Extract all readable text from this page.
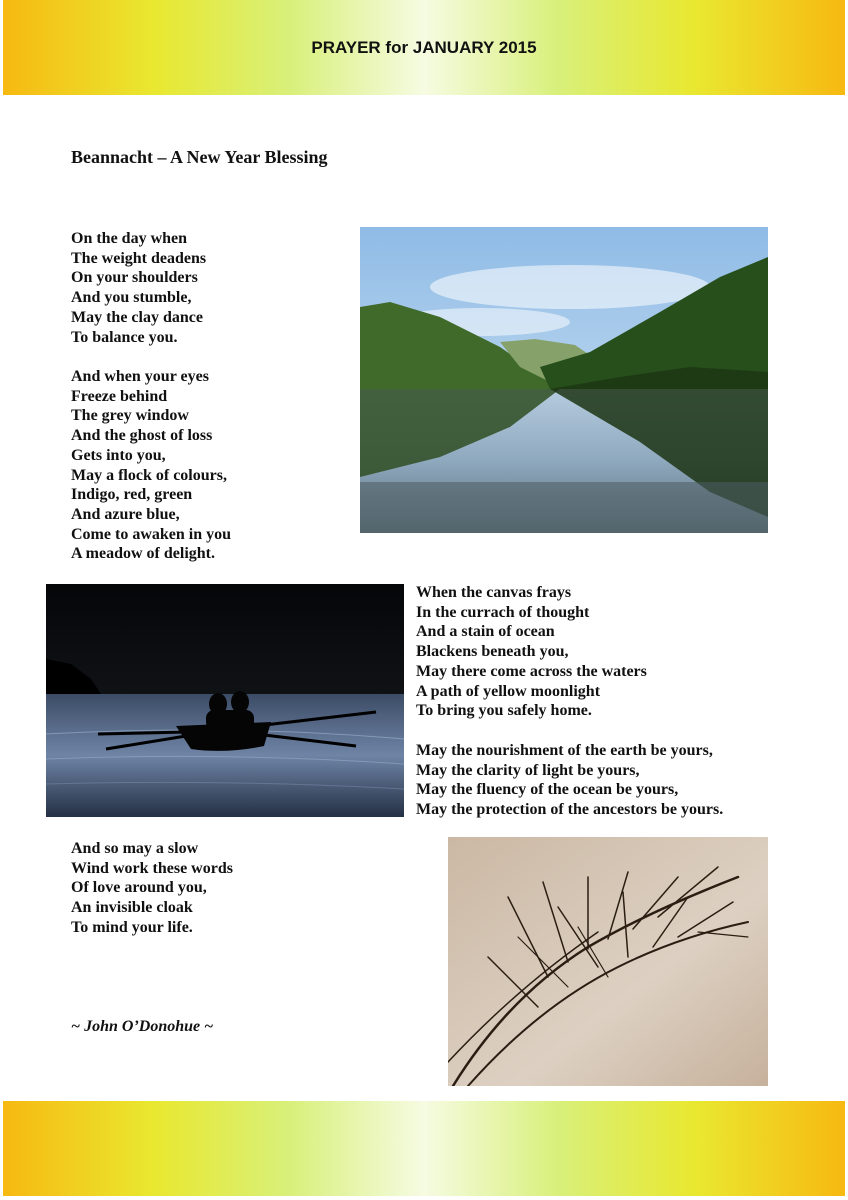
PRAYER for JANUARY 2015
Beannacht – A New Year Blessing
On the day when
The weight deadens
On your shoulders
And you stumble,
May the clay dance
To balance you.
And when your eyes
Freeze behind
The grey window
And the ghost of loss
Gets into you,
May a flock of colours,
Indigo, red, green
And azure blue,
Come to awaken in you
A meadow of delight.
When the canvas frays
In the currach of thought
And a stain of ocean
Blackens beneath you,
May there come across the waters
A path of yellow moonlight
To bring you safely home.
May the nourishment of the earth be yours,
May the clarity of light be yours,
May the fluency of the ocean be yours,
May the protection of the ancestors be yours.
And so may a slow
Wind work these words
Of love around you,
An invisible cloak
To mind your life.
~ John O’Donohue ~
